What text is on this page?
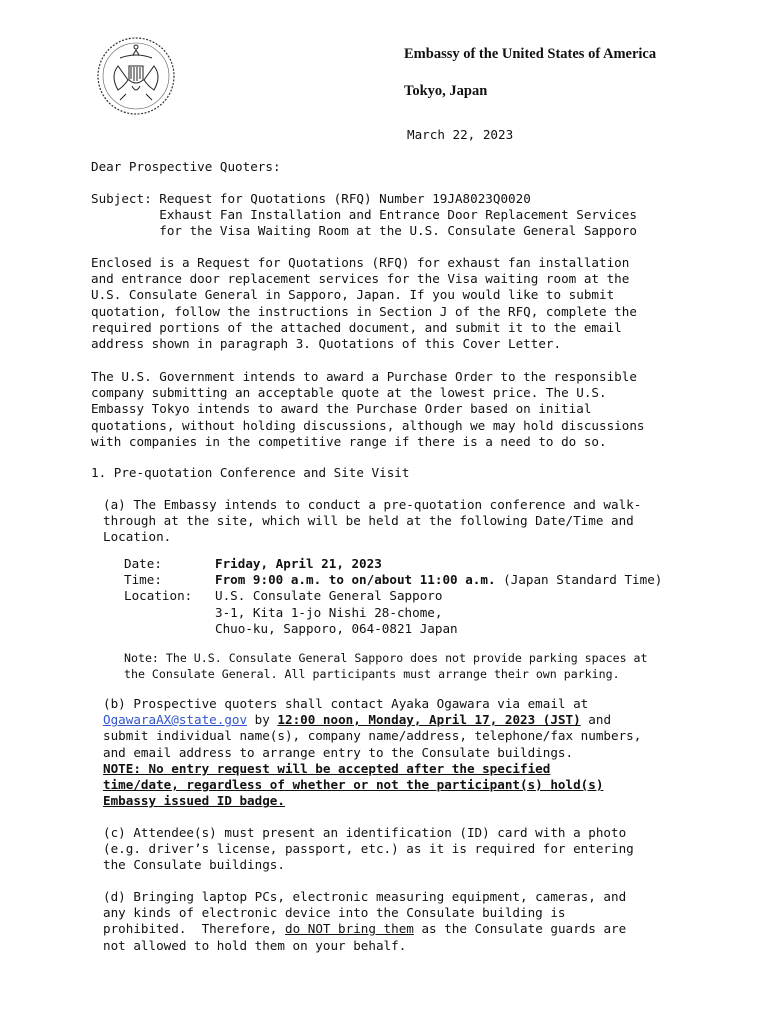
Embassy of the United States of America
Tokyo, Japan
March 22, 2023
Dear Prospective Quoters:
Subject: Request for Quotations (RFQ) Number 19JA8023Q0020
Exhaust Fan Installation and Entrance Door Replacement Services
for the Visa Waiting Room at the U.S. Consulate General Sapporo
Enclosed is a Request for Quotations (RFQ) for exhaust fan installation
and entrance door replacement services for the Visa waiting room at the
U.S. Consulate General in Sapporo, Japan. If you would like to submit
quotation, follow the instructions in Section J of the RFQ, complete the
required portions of the attached document, and submit it to the email
address shown in paragraph 3. Quotations of this Cover Letter.
The U.S. Government intends to award a Purchase Order to the responsible
company submitting an acceptable quote at the lowest price. The U.S.
Embassy Tokyo intends to award the Purchase Order based on initial
quotations, without holding discussions, although we may hold discussions
with companies in the competitive range if there is a need to do so.
1. Pre-quotation Conference and Site Visit
(a) The Embassy intends to conduct a pre-quotation conference and walk-
through at the site, which will be held at the following Date/Time and
Location.
Date:	Friday, April 21, 2023
Time:	From 9:00 a.m. to on/about 11:00 a.m. (Japan Standard Time)
Location:	U.S. Consulate General Sapporo
	3-1, Kita 1-jo Nishi 28-chome,
	Chuo-ku, Sapporo, 064-0821 Japan
Note: The U.S. Consulate General Sapporo does not provide parking spaces at
the Consulate General. All participants must arrange their own parking.
(b) Prospective quoters shall contact Ayaka Ogawara via email at
OgawaraAX@state.gov by 12:00 noon, Monday, April 17, 2023 (JST) and
submit individual name(s), company name/address, telephone/fax numbers,
and email address to arrange entry to the Consulate buildings.
NOTE: No entry request will be accepted after the specified
time/date, regardless of whether or not the participant(s) hold(s)
Embassy issued ID badge.
(c) Attendee(s) must present an identification (ID) card with a photo
(e.g. driver’s license, passport, etc.) as it is required for entering
the Consulate buildings.
(d) Bringing laptop PCs, electronic measuring equipment, cameras, and
any kinds of electronic device into the Consulate building is
prohibited.  Therefore, do NOT bring them as the Consulate guards are
not allowed to hold them on your behalf.
